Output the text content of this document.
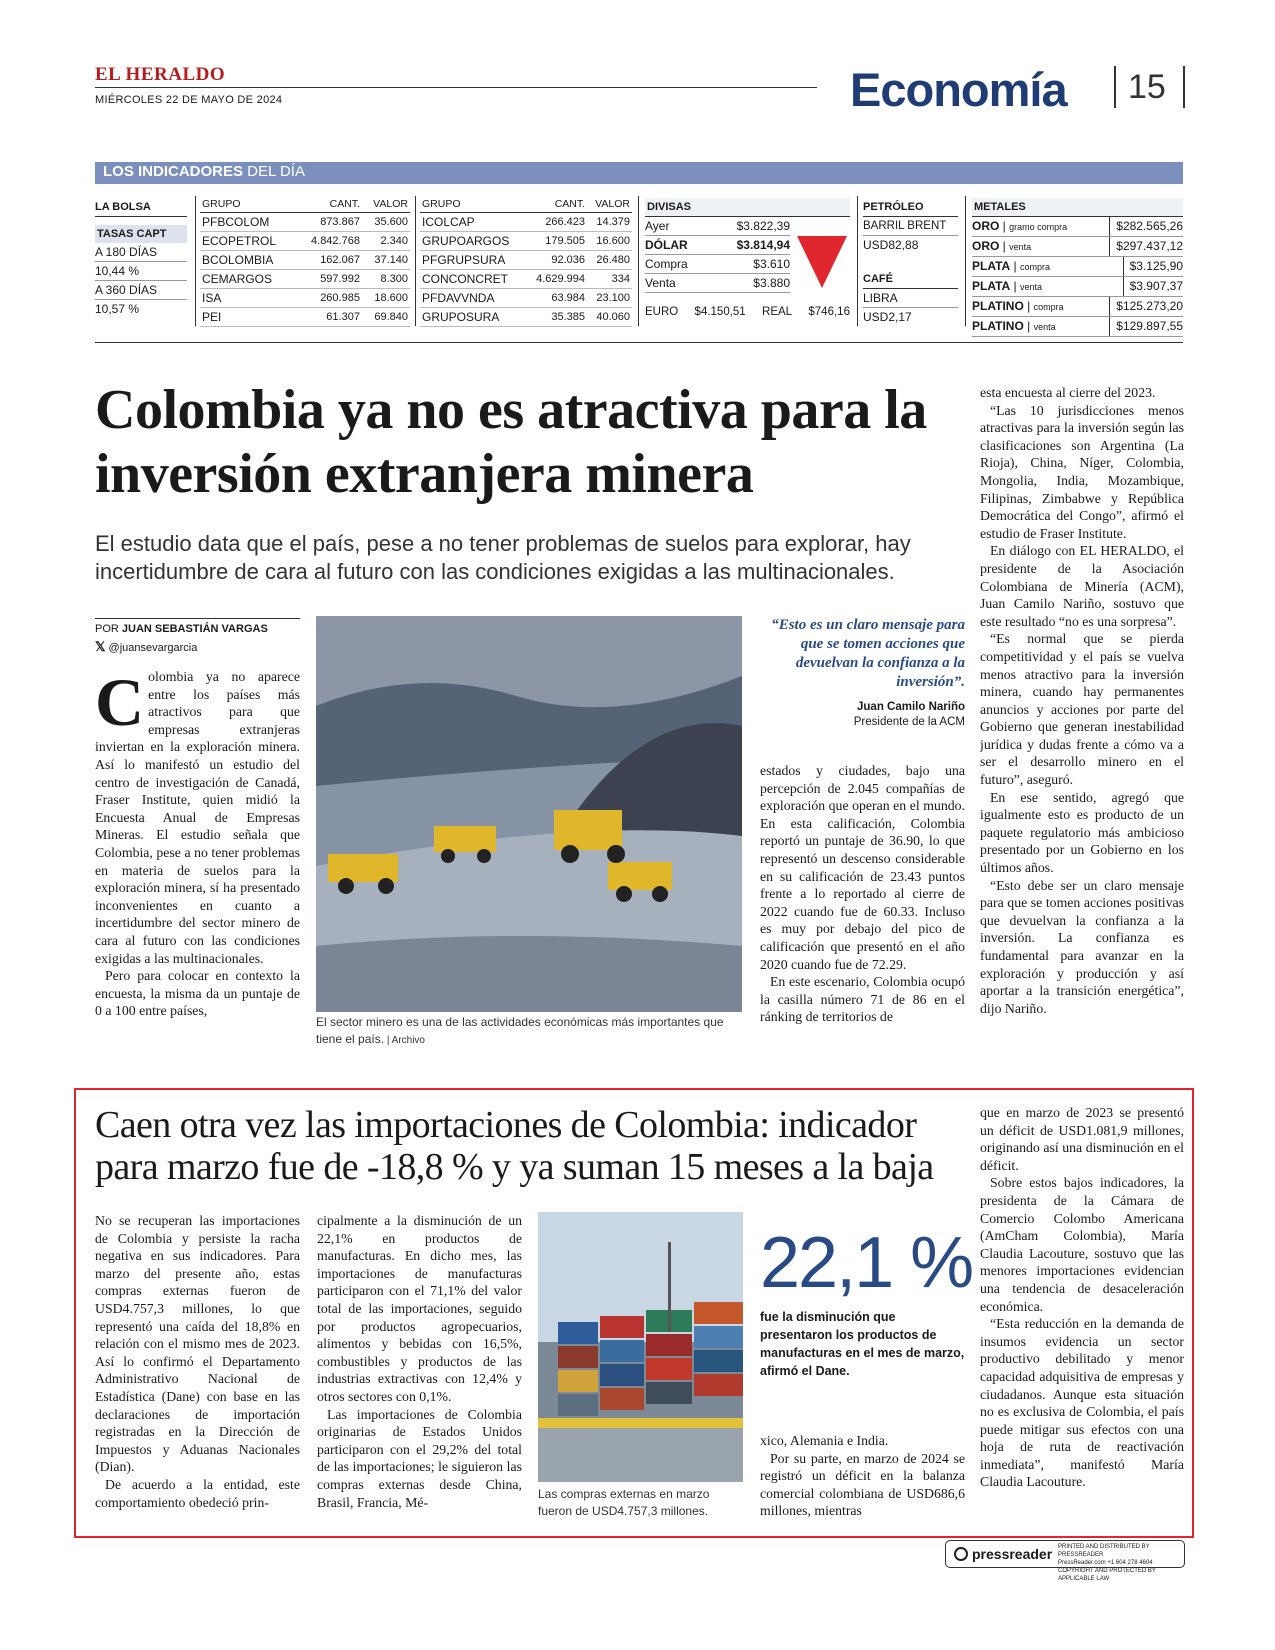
EL HERALDO
MIÉRCOLES 22 DE MAYO DE 2024	Economía 15
LOS INDICADORES DEL DÍA
LA BOLSA
TASAS CAPT
A 180 DÍAS
10,44 %
A 360 DÍAS
10,57 %
GRUPO	CANT.	VALOR
PFBCOLOM	873.867	35.600
ECOPETROL	4.842.768	2.340
BCOLOMBIA	162.067	37.140
CEMARGOS	597.992	8.300
ISA	260.985	18.600
PEI	61.307	69.840
GRUPO	CANT.	VALOR
ICOLCAP	266.423	14.379
GRUPOARGOS	179.505	16.600
PFGRUPSURA	92.036	26.480
CONCONCRET	4.629.994	334
PFDAVVNDA	63.984	23.100
GRUPOSURA	35.385	40.060
DIVISAS
Ayer	$3.822,39
DÓLAR	$3.814,94
Compra	$3.610
Venta	$3.880
EURO $4.150,51 REAL $746,16
PETRÓLEO
BARRIL BRENT
USD82,88
CAFÉ
LIBRA
USD2,17
METALES
ORO | gramo compra	$282.565,26
ORO | venta	$297.437,12
PLATA | compra	$3.125,90
PLATA | venta	$3.907,37
PLATINO | compra	$125.273,20
PLATINO | venta	$129.897,55
Colombia ya no es atractiva para la inversión extranjera minera
El estudio data que el país, pese a no tener problemas de suelos para explorar, hay incertidumbre de cara al futuro con las condiciones exigidas a las multinacionales.
POR JUAN SEBASTIÁN VARGAS
𝕏 @juansevargarcia
C olombia ya no aparece entre los países más atractivos para que empresas extranjeras inviertan en la exploración minera. Así lo manifestó un estudio del centro de investigación de Canadá, Fraser Institute, quien midió la Encuesta Anual de Empresas Mineras. El estudio señala que Colombia, pese a no tener problemas en materia de suelos para la exploración minera, sí ha presentado inconvenientes en cuanto a incertidumbre del sector minero de cara al futuro con las condiciones exigidas a las multinacionales.

Pero para colocar en contexto la encuesta, la misma da un puntaje de 0 a 100 entre países,

El sector minero es una de las actividades económicas más importantes que tiene el país. | Archivo
“Esto es un claro mensaje para que se tomen acciones que devuelvan la confianza a la inversión”.
Juan Camilo Nariño
Presidente de la ACM
estados y ciudades, bajo una percepción de 2.045 compañías de exploración que operan en el mundo. En esta calificación, Colombia reportó un puntaje de 36.90, lo que representó un descenso considerable en su calificación de 23.43 puntos frente a lo reportado al cierre de 2022 cuando fue de 60.33. Incluso es muy por debajo del pico de calificación que presentó en el año 2020 cuando fue de 72.29.

En este escenario, Colombia ocupó la casilla número 71 de 86 en el ránking de territorios de

esta encuesta al cierre del 2023.

“Las 10 jurisdicciones menos atractivas para la inversión según las clasificaciones son Argentina (La Rioja), China, Níger, Colombia, Mongolia, India, Mozambique, Filipinas, Zimbabwe y República Democrática del Congo”, afirmó el estudio de Fraser Institute.

En diálogo con EL HERALDO, el presidente de la Asociación Colombiana de Minería (ACM), Juan Camilo Nariño, sostuvo que este resultado “no es una sorpresa”.

“Es normal que se pierda competitividad y el país se vuelva menos atractivo para la inversión minera, cuando hay permanentes anuncios y acciones por parte del Gobierno que generan inestabilidad jurídica y dudas frente a cómo va a ser el desarrollo minero en el futuro”, aseguró.

En ese sentido, agregó que igualmente esto es producto de un paquete regulatorio más ambicioso presentado por un Gobierno en los últimos años.

“Esto debe ser un claro mensaje para que se tomen acciones positivas que devuelvan la confianza a la inversión. La confianza es fundamental para avanzar en la exploración y producción y así aportar a la transición energética”, dijo Nariño.

Caen otra vez las importaciones de Colombia: indicador para marzo fue de -18,8 % y ya suman 15 meses a la baja
No se recuperan las importaciones de Colombia y persiste la racha negativa en sus indicadores. Para marzo del presente año, estas compras externas fueron de USD4.757,3 millones, lo que representó una caída del 18,8% en relación con el mismo mes de 2023. Así lo confirmó el Departamento Administrativo Nacional de Estadística (Dane) con base en las declaraciones de importación registradas en la Dirección de Impuestos y Aduanas Nacionales (Dian).

De acuerdo a la entidad, este comportamiento obedeció prin-

cipalmente a la disminución de un 22,1% en productos de manufacturas. En dicho mes, las importaciones de manufacturas participaron con el 71,1% del valor total de las importaciones, seguido por productos agropecuarios, alimentos y bebidas con 16,5%, combustibles y productos de las industrias extractivas con 12,4% y otros sectores con 0,1%.

Las importaciones de Colombia originarias de Estados Unidos participaron con el 29,2% del total de las importaciones; le siguieron las compras externas desde China, Brasil, Francia, Mé-

Las compras externas en marzo fueron de USD4.757,3 millones.
22,1 %
fue la disminución que presentaron los productos de manufacturas en el mes de marzo, afirmó el Dane.
xico, Alemania e India.

Por su parte, en marzo de 2024 se registró un déficit en la balanza comercial colombiana de USD686,6 millones, mientras

que en marzo de 2023 se presentó un déficit de USD1.081,9 millones, originando así una disminución en el déficit.

Sobre estos bajos indicadores, la presidenta de la Cámara de Comercio Colombo Americana (AmCham Colombia), María Claudia Lacouture, sostuvo que las menores importaciones evidencian una tendencia de desaceleración económica.

“Esta reducción en la demanda de insumos evidencia un sector productivo debilitado y menor capacidad adquisitiva de empresas y ciudadanos. Aunque esta situación no es exclusiva de Colombia, el país puede mitigar sus efectos con una hoja de ruta de reactivación inmediata”, manifestó María Claudia Lacouture.

pressreader PRINTED AND DISTRIBUTED BY PRESSREADER
PressReader.com +1 604 278 4604
COPYRIGHT AND PROTECTED BY APPLICABLE LAW
